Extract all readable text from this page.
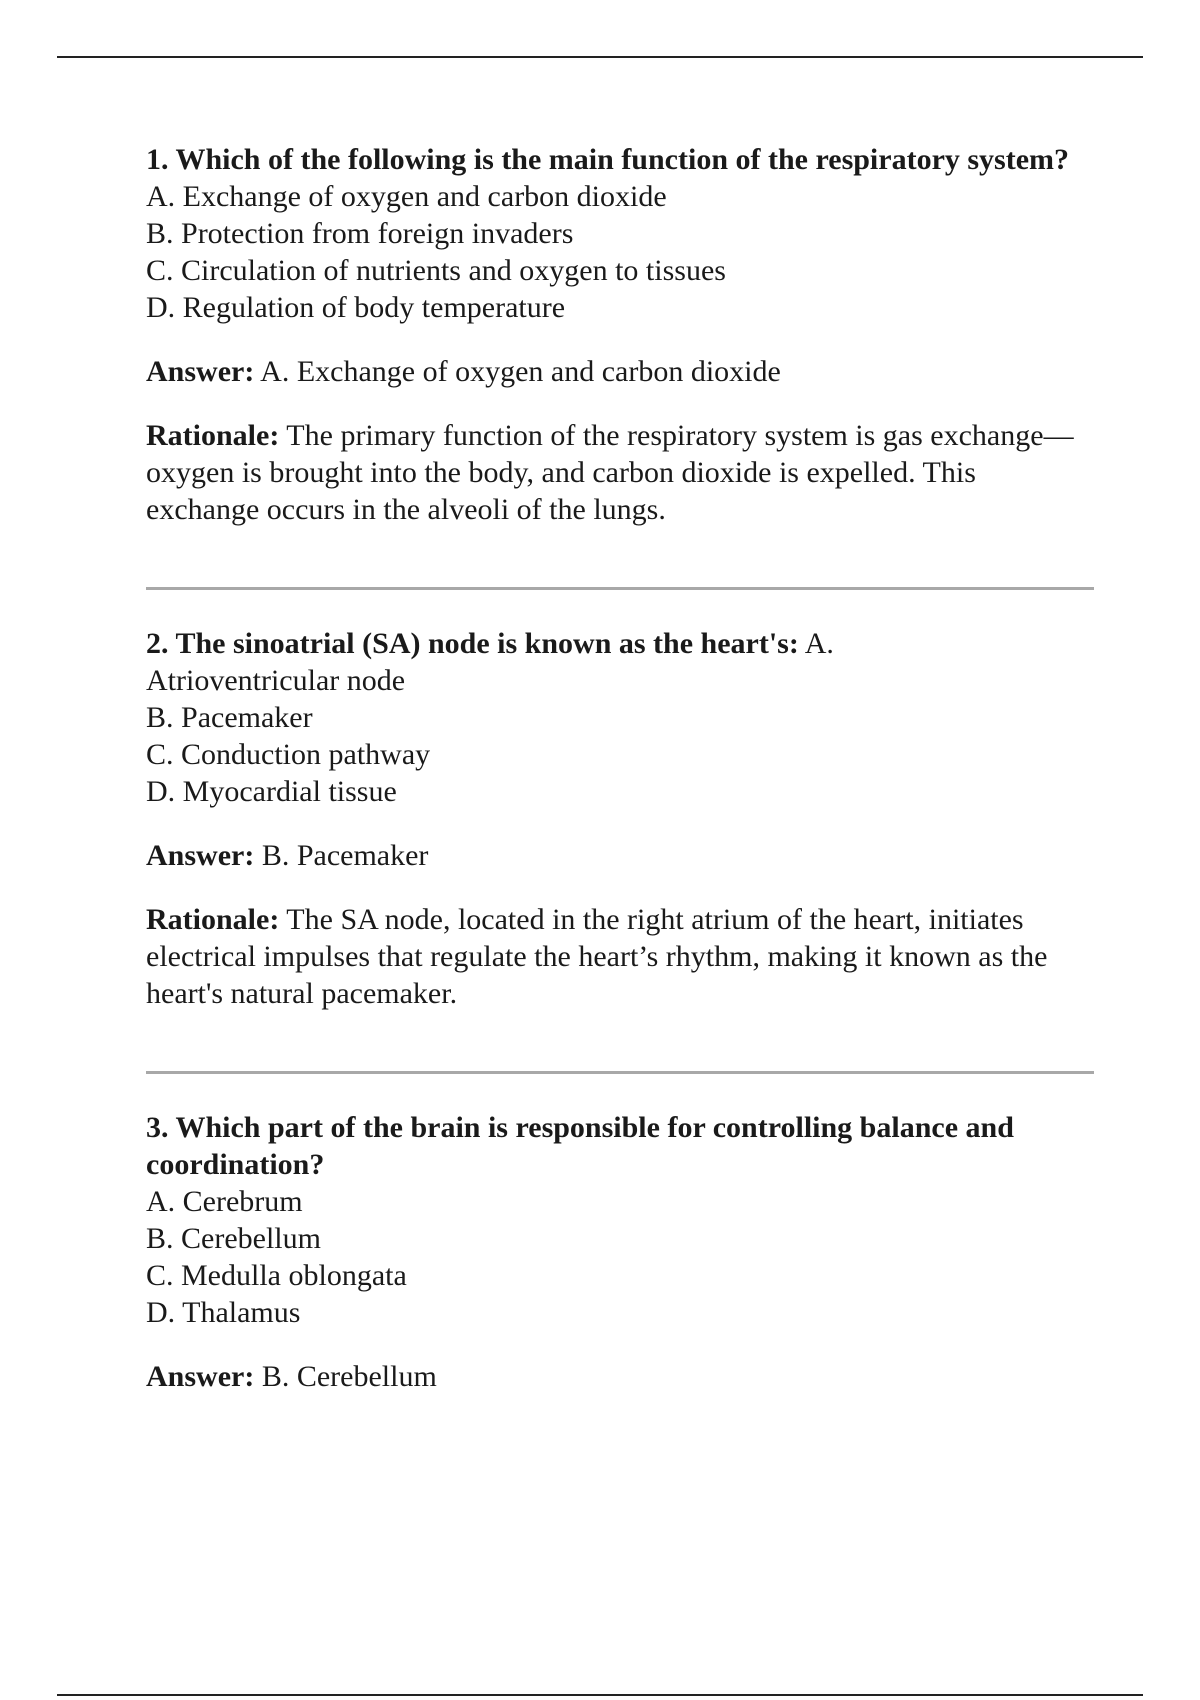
1. Which of the following is the main function of the respiratory system?
A. Exchange of oxygen and carbon dioxide
B. Protection from foreign invaders
C. Circulation of nutrients and oxygen to tissues
D. Regulation of body temperature
Answer: A. Exchange of oxygen and carbon dioxide
Rationale: The primary function of the respiratory system is gas exchange—oxygen is brought into the body, and carbon dioxide is expelled. This exchange occurs in the alveoli of the lungs.
2. The sinoatrial (SA) node is known as the heart's: A.
Atrioventricular node
B. Pacemaker
C. Conduction pathway
D. Myocardial tissue
Answer: B. Pacemaker
Rationale: The SA node, located in the right atrium of the heart, initiates electrical impulses that regulate the heart’s rhythm, making it known as the heart's natural pacemaker.
3. Which part of the brain is responsible for controlling balance and coordination?
A. Cerebrum
B. Cerebellum
C. Medulla oblongata
D. Thalamus
Answer: B. Cerebellum
